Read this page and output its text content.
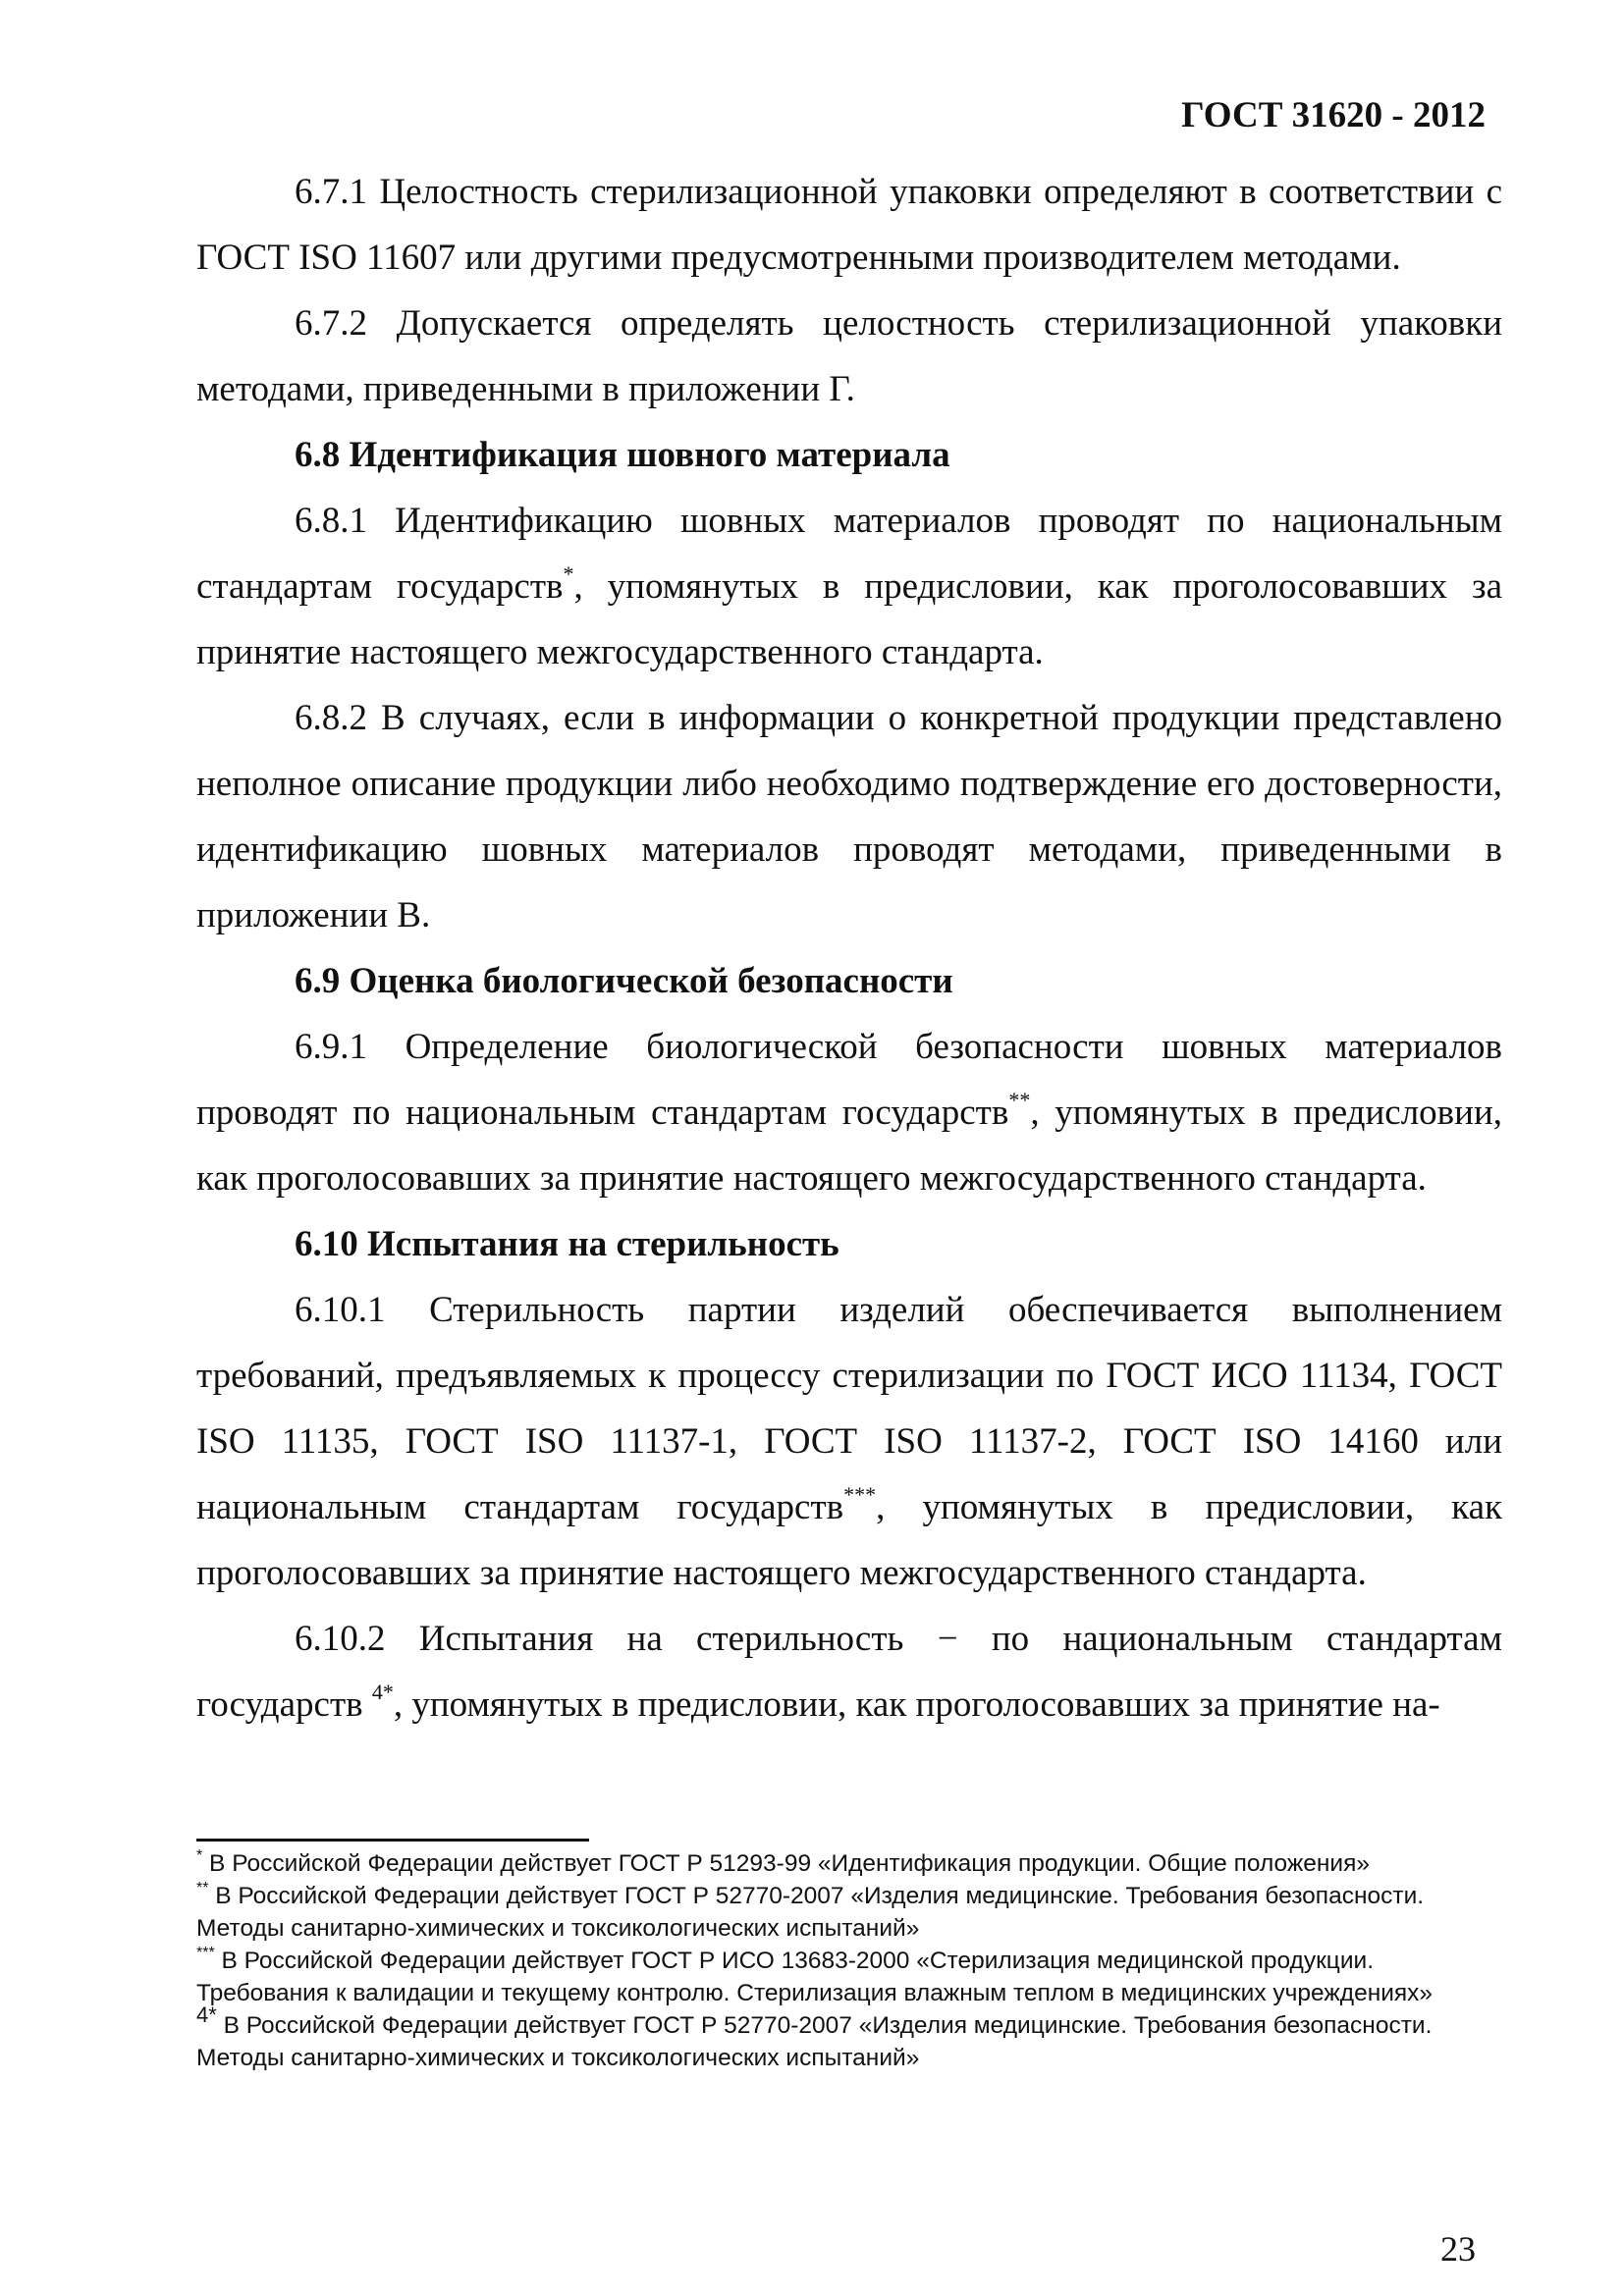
ГОСТ 31620 - 2012

6.7.1 Целостность стерилизационной упаковки определяют в соответствии с ГОСТ ISO 11607 или другими предусмотренными производителем методами.

6.7.2 Допускается определять целостность стерилизационной упаковки методами, приведенными в приложении Г.

6.8 Идентификация шовного материала

6.8.1 Идентификацию шовных материалов проводят по национальным стандартам государств*, упомянутых в предисловии, как проголосовавших за принятие настоящего межгосударственного стандарта.

6.8.2 В случаях, если в информации о конкретной продукции представлено неполное описание продукции либо необходимо подтверждение его достоверности, идентификацию шовных материалов проводят методами, приведенными в приложении В.

6.9 Оценка биологической безопасности

6.9.1 Определение биологической безопасности шовных материалов проводят по национальным стандартам государств**, упомянутых в предисловии, как проголосовавших за принятие настоящего межгосударственного стандарта.

6.10 Испытания на стерильность

6.10.1 Стерильность партии изделий обеспечивается выполнением требований, предъявляемых к процессу стерилизации по ГОСТ ИСО 11134, ГОСТ ISO 11135, ГОСТ ISO 11137-1, ГОСТ ISO 11137-2, ГОСТ ISO 14160 или национальным стандартам государств***, упомянутых в предисловии, как проголосовавших за принятие настоящего межгосударственного стандарта.

6.10.2 Испытания на стерильность − по национальным стандартам государств $^{4*}$, упомянутых в предисловии, как проголосовавших за принятие на-

* В Российской Федерации действует ГОСТ Р 51293-99 «Идентификация продукции. Общие положения»

** В Российской Федерации действует ГОСТ Р 52770-2007 «Изделия медицинские. Требования безопасности. Методы санитарно-химических и токсикологических испытаний»

*** В Российской Федерации действует ГОСТ Р ИСО 13683-2000 «Стерилизация медицинской продукции. Требования к валидации и текущему контролю. Стерилизация влажным теплом в медицинских учреждениях»

$^{4*}$ В Российской Федерации действует ГОСТ Р 52770-2007 «Изделия медицинские. Требования безопасности. Методы санитарно-химических и токсикологических испытаний»

23
